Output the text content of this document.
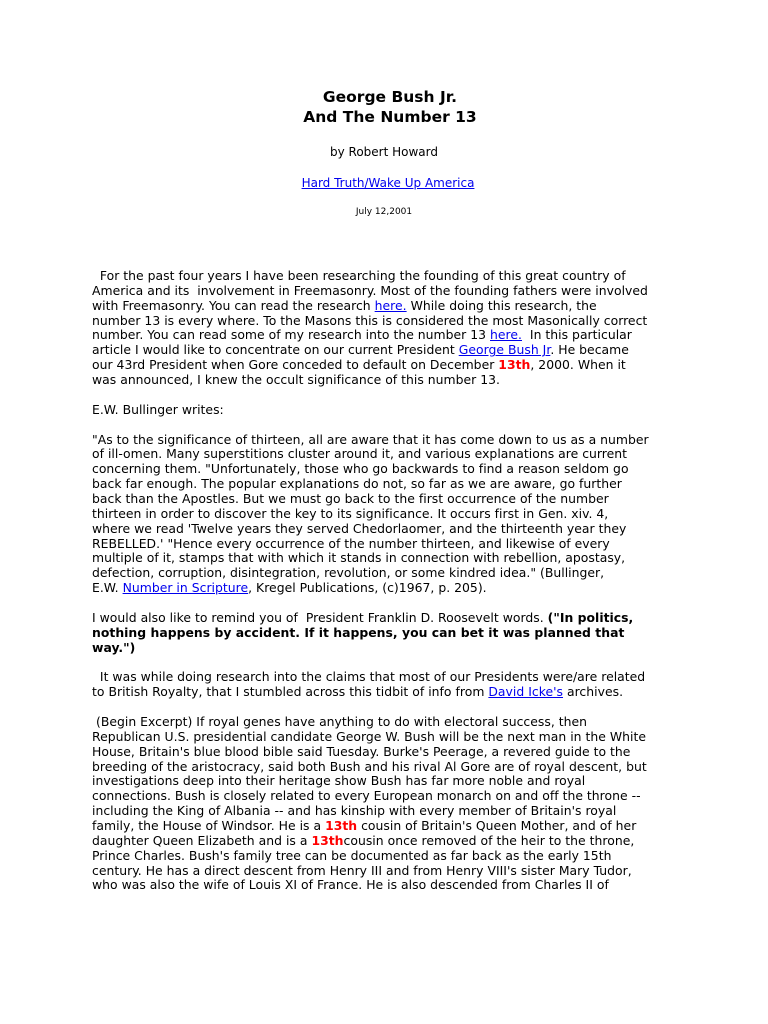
George Bush Jr.
And The Number 13
by Robert Howard
Hard Truth/Wake Up America
July 12,2001

For the past four years I have been researching the founding of this great country of
America and its  involvement in Freemasonry. Most of the founding fathers were involved
with Freemasonry. You can read the research here. While doing this research, the
number 13 is every where. To the Masons this is considered the most Masonically correct
number. You can read some of my research into the number 13 here.  In this particular
article I would like to concentrate on our current President George Bush Jr. He became
our 43rd President when Gore conceded to default on December 13th, 2000. When it
was announced, I knew the occult significance of this number 13.

E.W. Bullinger writes:

"As to the significance of thirteen, all are aware that it has come down to us as a number
of ill-omen. Many superstitions cluster around it, and various explanations are current
concerning them. "Unfortunately, those who go backwards to find a reason seldom go
back far enough. The popular explanations do not, so far as we are aware, go further
back than the Apostles. But we must go back to the first occurrence of the number
thirteen in order to discover the key to its significance. It occurs first in Gen. xiv. 4,
where we read 'Twelve years they served Chedorlaomer, and the thirteenth year they
REBELLED.' "Hence every occurrence of the number thirteen, and likewise of every
multiple of it, stamps that with which it stands in connection with rebellion, apostasy,
defection, corruption, disintegration, revolution, or some kindred idea." (Bullinger,
E.W. Number in Scripture, Kregel Publications, (c)1967, p. 205).

I would also like to remind you of  President Franklin D. Roosevelt words. ("In politics,
nothing happens by accident. If it happens, you can bet it was planned that
way.")

It was while doing research into the claims that most of our Presidents were/are related
to British Royalty, that I stumbled across this tidbit of info from David Icke's archives.

(Begin Excerpt) If royal genes have anything to do with electoral success, then
Republican U.S. presidential candidate George W. Bush will be the next man in the White
House, Britain's blue blood bible said Tuesday. Burke's Peerage, a revered guide to the
breeding of the aristocracy, said both Bush and his rival Al Gore are of royal descent, but
investigations deep into their heritage show Bush has far more noble and royal
connections. Bush is closely related to every European monarch on and off the throne --
including the King of Albania -- and has kinship with every member of Britain's royal
family, the House of Windsor. He is a 13th cousin of Britain's Queen Mother, and of her
daughter Queen Elizabeth and is a 13thcousin once removed of the heir to the throne,
Prince Charles. Bush's family tree can be documented as far back as the early 15th
century. He has a direct descent from Henry III and from Henry VIII's sister Mary Tudor,
who was also the wife of Louis XI of France. He is also descended from Charles II of
